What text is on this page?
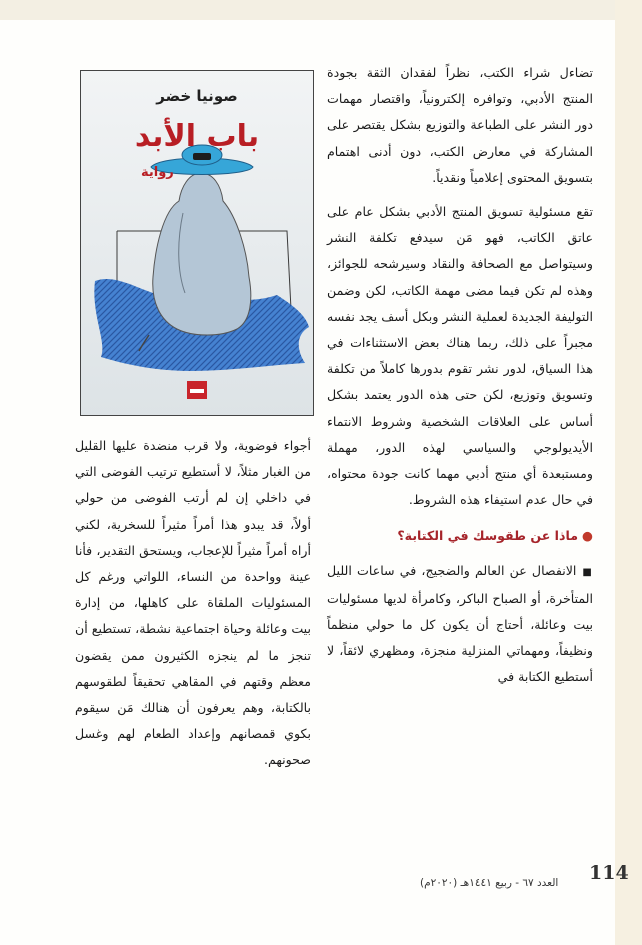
تضاءل شراء الكتب، نظراً لفقدان الثقة بجودة المنتج الأدبي، وتوافره إلكترونياً، واقتصار مهمات دور النشر على الطباعة والتوزيع بشكل يقتصر على المشاركة في معارض الكتب، دون أدنى اهتمام بتسويق المحتوى إعلامياً ونقدياً.

تقع مسئولية تسويق المنتج الأدبي بشكل عام على عاتق الكاتب، فهو مَن سيدفع تكلفة النشر وسيتواصل مع الصحافة والنقاد وسيرشحه للجوائز، وهذه لم تكن فيما مضى مهمة الكاتب، لكن وضمن التوليفة الجديدة لعملية النشر وبكل أسف يجد نفسه مجبراً على ذلك، ربما هناك بعض الاستثناءات في هذا السياق، لدور نشر تقوم بدورها كاملاً من تكلفة وتسويق وتوزيع، لكن حتى هذه الدور يعتمد بشكل أساس على العلاقات الشخصية وشروط الانتماء الأيديولوجي والسياسي لهذه الدور، مهملة ومستبعدة أي منتج أدبي مهما كانت جودة محتواه، في حال عدم استيفاء هذه الشروط.

●ماذا عن طقوسك في الكتابة؟

■الانفصال عن العالم والضجيج، في ساعات الليل المتأخرة، أو الصباح الباكر، وكامرأة لديها مسئوليات بيت وعائلة، أحتاج أن يكون كل ما حولي منظماً ونظيفاً، ومهماتي المنزلية منجزة، ومظهري لائقاً، لا أستطيع الكتابة في

صونيا خضر
باب الأبد
رواية

أجواء فوضوية، ولا قرب منضدة عليها القليل من الغبار مثلاً، لا أستطيع ترتيب الفوضى التي في داخلي إن لم أرتب الفوضى من حولي أولاً، قد يبدو هذا أمراً مثيراً للسخرية، لكني أراه أمراً مثيراً للإعجاب، ويستحق التقدير، فأنا عينة وواحدة من النساء، اللواتي ورغم كل المسئوليات الملقاة على كاهلها، من إدارة بيت وعائلة وحياة اجتماعية نشطة، تستطيع أن تنجز ما لم ينجزه الكثيرون ممن يقضون معظم وقتهم في المقاهي تحقيقاً لطقوسهم بالكتابة، وهم يعرفون أن هنالك مَن سيقوم بكوي قمصانهم وإعداد الطعام لهم وغسل صحونهم.

العدد ٦٧ - ربيع ١٤٤١هـ (٢٠٢٠م) 114
